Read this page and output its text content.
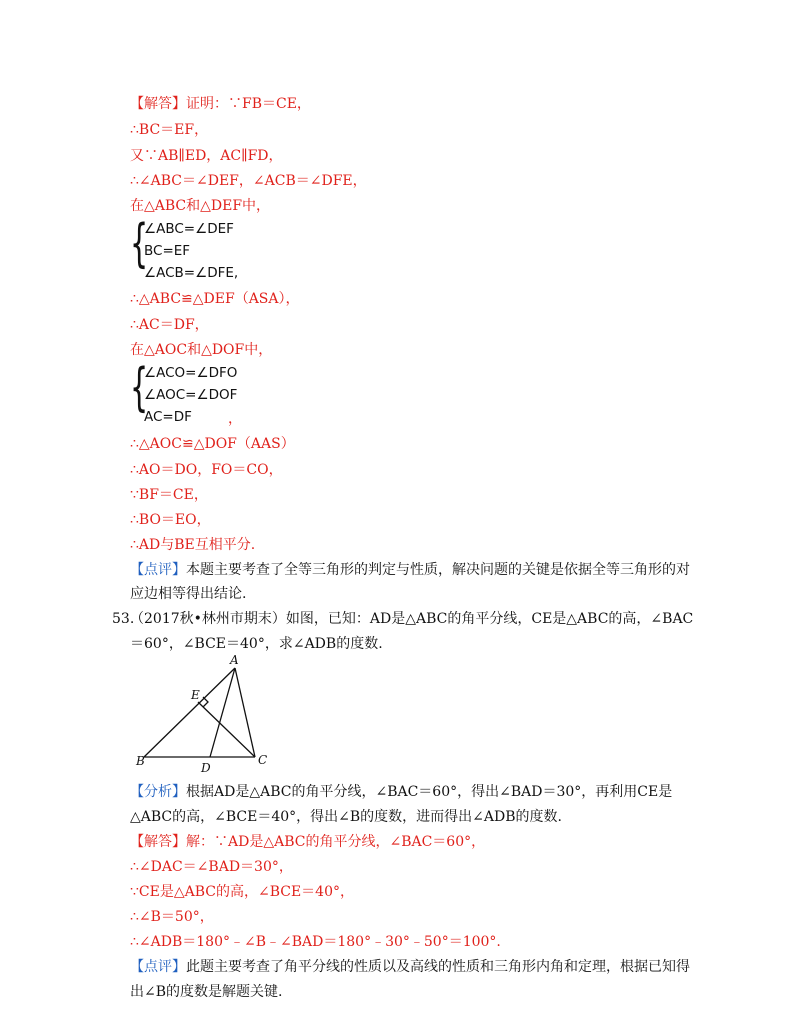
【解答】证明：∵FB＝CE，
∴BC＝EF，
又∵AB∥ED，AC∥FD，
∴∠ABC＝∠DEF，∠ACB＝∠DFE，
在△ABC和△DEF中，
{
∠ABC=∠DEF
BC=EF
∠ACB=∠DFE,
∴△ABC≌△DEF（ASA），
∴AC＝DF，
在△AOC和△DOF中，
{
∠ACO=∠DFO
∠AOC=∠DOF
AC=DF	，
∴△AOC≌△DOF（AAS）
∴AO＝DO，FO＝CO，
∵BF＝CE，
∴BO＝EO，
∴AD与BE互相平分.
【点评】本题主要考查了全等三角形的判定与性质，解决问题的关键是依据全等三角形的对
应边相等得出结论.
53.
（2017秋•林州市期末）如图，已知：AD是△ABC的角平分线，CE是△ABC的高，∠BAC
＝60°，∠BCE＝40°，求∠ADB的度数.
A
B	C
D
E
【分析】根据AD是△ABC的角平分线，∠BAC＝60°，得出∠BAD＝30°，再利用CE是
△ABC的高，∠BCE＝40°，得出∠B的度数，进而得出∠ADB的度数.
【解答】解：∵AD是△ABC的角平分线，∠BAC＝60°，
∴∠DAC＝∠BAD＝30°，
∵CE是△ABC的高，∠BCE＝40°，
∴∠B＝50°，
∴∠ADB＝180°﹣∠B﹣∠BAD＝180°﹣30°﹣50°＝100°.
【点评】此题主要考查了角平分线的性质以及高线的性质和三角形内角和定理，根据已知得
出∠B的度数是解题关键.
